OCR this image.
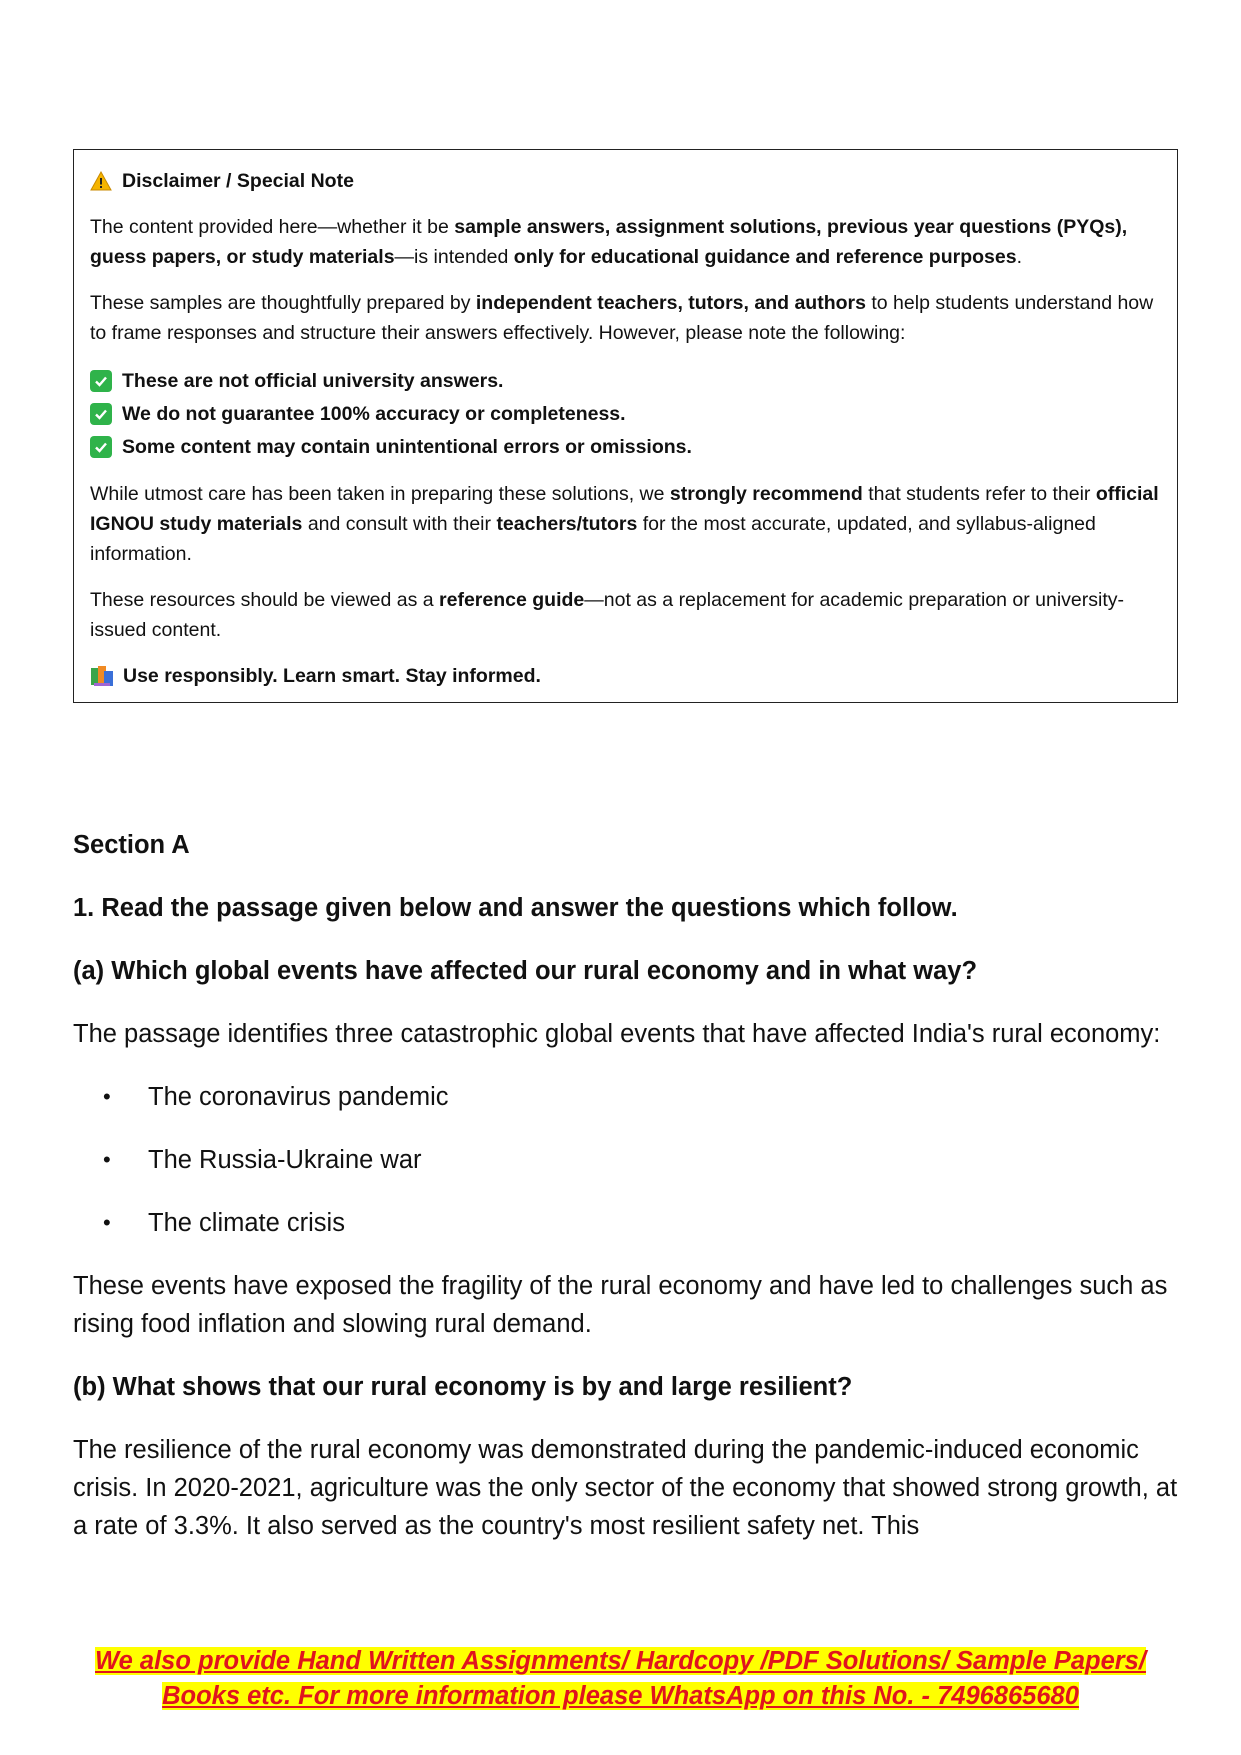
Disclaimer / Special Note

The content provided here—whether it be sample answers, assignment solutions, previous year questions (PYQs), guess papers, or study materials—is intended only for educational guidance and reference purposes.

These samples are thoughtfully prepared by independent teachers, tutors, and authors to help students understand how to frame responses and structure their answers effectively. However, please note the following:

These are not official university answers.
We do not guarantee 100% accuracy or completeness.
Some content may contain unintentional errors or omissions.

While utmost care has been taken in preparing these solutions, we strongly recommend that students refer to their official IGNOU study materials and consult with their teachers/tutors for the most accurate, updated, and syllabus-aligned information.

These resources should be viewed as a reference guide—not as a replacement for academic preparation or university-issued content.

Use responsibly. Learn smart. Stay informed.

Section A

1. Read the passage given below and answer the questions which follow.

(a) Which global events have affected our rural economy and in what way?

The passage identifies three catastrophic global events that have affected India's rural economy:

• The coronavirus pandemic
• The Russia-Ukraine war
• The climate crisis

These events have exposed the fragility of the rural economy and have led to challenges such as rising food inflation and slowing rural demand.

(b) What shows that our rural economy is by and large resilient?

The resilience of the rural economy was demonstrated during the pandemic-induced economic crisis. In 2020-2021, agriculture was the only sector of the economy that showed strong growth, at a rate of 3.3%. It also served as the country's most resilient safety net. This

We also provide Hand Written Assignments/ Hardcopy /PDF Solutions/ Sample Papers/
Books etc. For more information please WhatsApp on this No. - 7496865680
